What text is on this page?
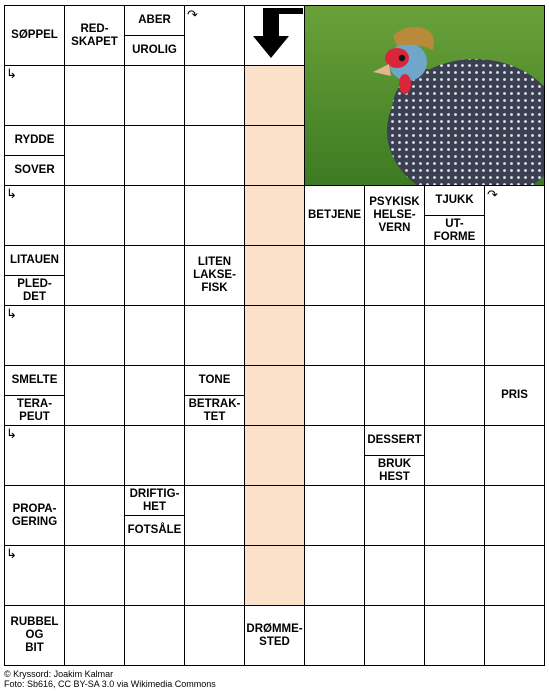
SØPPEL
RED-
SKAPET
ABER
UROLIG
↷
↳
RYDDE
SOVER
↳
BETJENE
PSYKISK
HELSE-
VERN
TJUKK
UT-
FORME
↷
LITAUEN
PLED-
DET
LITEN
LAKSE-
FISK
↳
SMELTE
TERA-
PEUT
TONE
BETRAK-
TET
PRIS
↳	DESSERT
BRUK
HEST
PROPA-
GERING
DRIFTIG-
HET
FOTSÅLE
↳
RUBBEL
OG
BIT
DRØMME-
STED
© Kryssord: Joakim Kalmar
Foto: Sb616, CC BY-SA 3.0 via Wikimedia Commons
